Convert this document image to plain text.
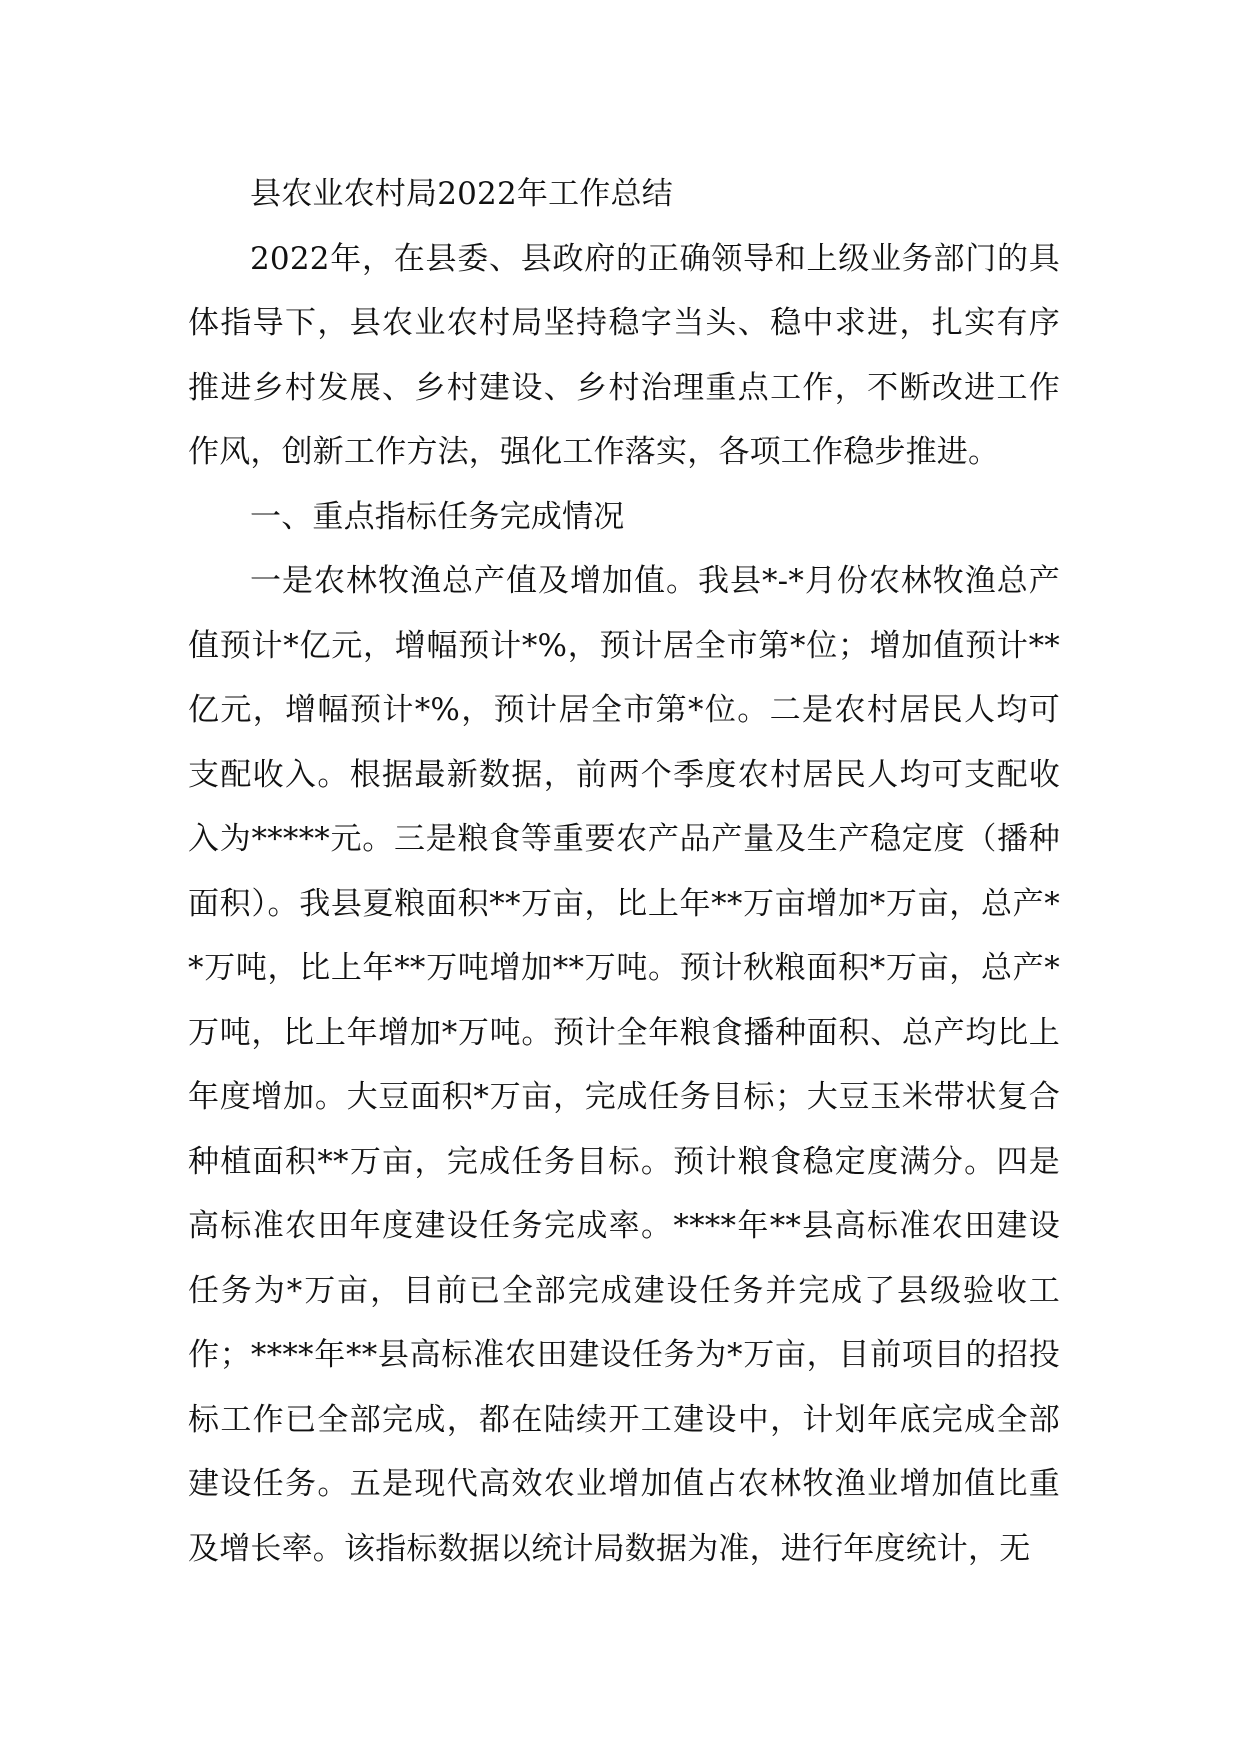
县农业农村局2022年工作总结

2022年，在县委、县政府的正确领导和上级业务部门的具体指导下，县农业农村局坚持稳字当头、稳中求进，扎实有序推进乡村发展、乡村建设、乡村治理重点工作，不断改进工作作风，创新工作方法，强化工作落实，各项工作稳步推进。

一、重点指标任务完成情况

一是农林牧渔总产值及增加值。我县*-*月份农林牧渔总产值预计*亿元，增幅预计*%，预计居全市第*位；增加值预计**亿元，增幅预计*%，预计居全市第*位。二是农村居民人均可支配收入。根据最新数据，前两个季度农村居民人均可支配收入为*****元。三是粮食等重要农产品产量及生产稳定度（播种面积）。我县夏粮面积**万亩，比上年**万亩增加*万亩，总产**万吨，比上年**万吨增加**万吨。预计秋粮面积*万亩，总产*万吨，比上年增加*万吨。预计全年粮食播种面积、总产均比上年度增加。大豆面积*万亩，完成任务目标；大豆玉米带状复合种植面积**万亩，完成任务目标。预计粮食稳定度满分。四是高标准农田年度建设任务完成率。****年**县高标准农田建设任务为*万亩，目前已全部完成建设任务并完成了县级验收工作；****年**县高标准农田建设任务为*万亩，目前项目的招投标工作已全部完成，都在陆续开工建设中，计划年底完成全部建设任务。五是现代高效农业增加值占农林牧渔业增加值比重及增长率。该指标数据以统计局数据为准，进行年度统计，无
